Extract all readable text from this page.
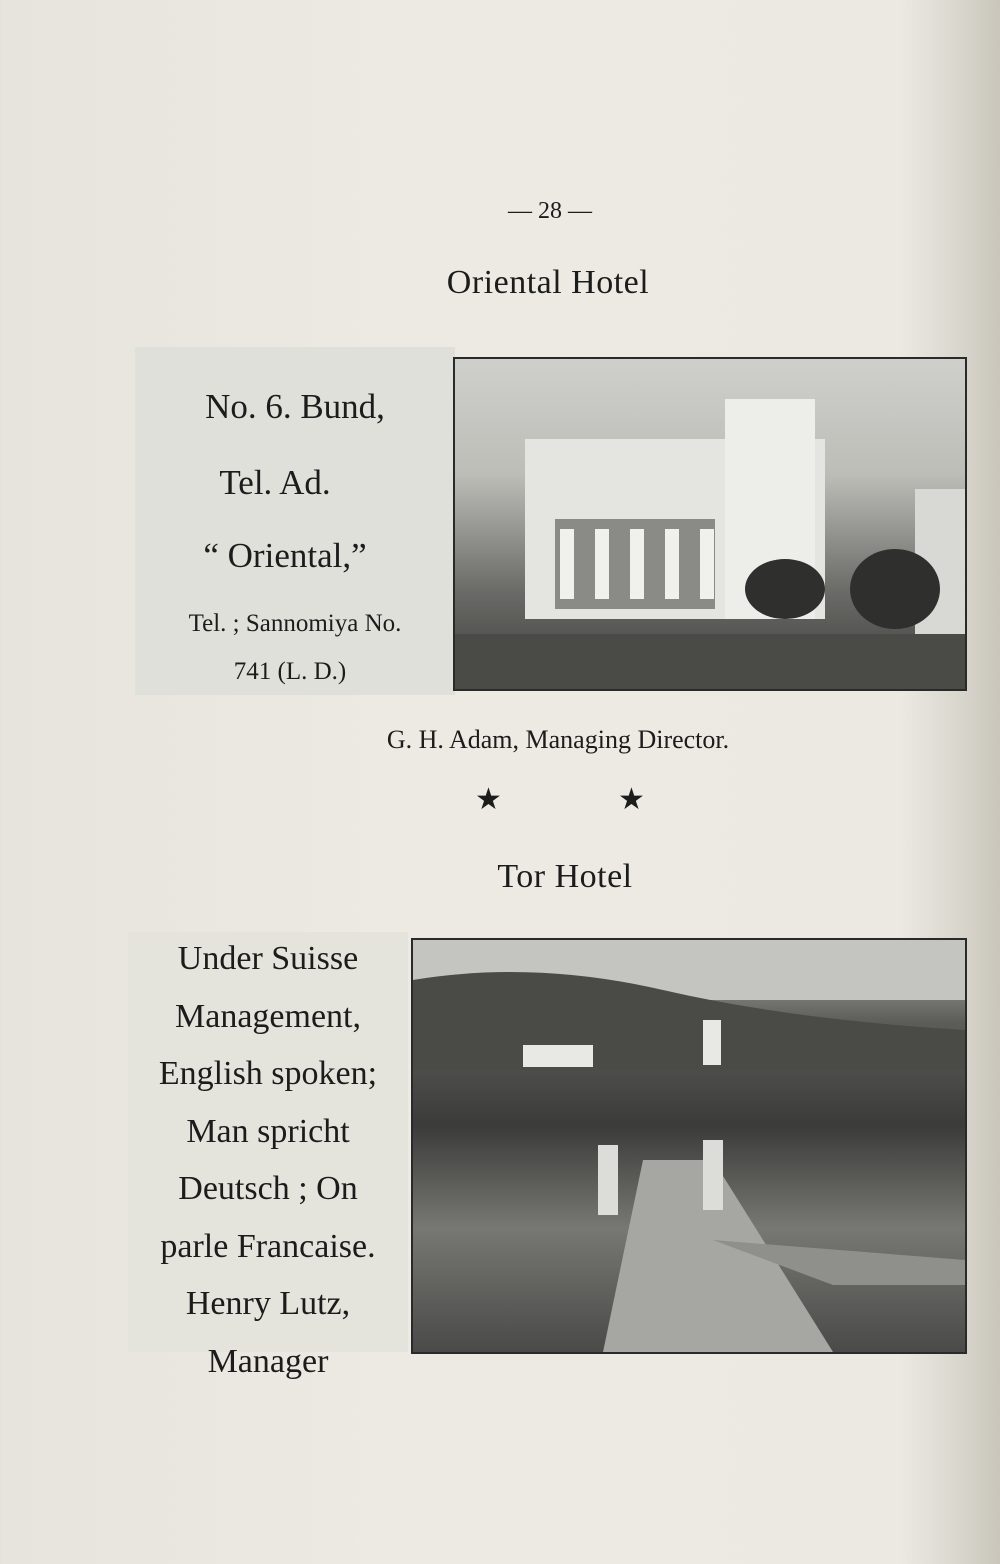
— 28 —
Oriental Hotel
No. 6. Bund,
Tel. Ad.
“ Oriental,”
Tel. ; Sannomiya No.
741 (L. D.)
G. H. Adam, Managing Director.
★	★
Tor Hotel
Under Suisse
Management,
English spoken;
Man spricht
Deutsch ; On
parle Francaise.
Henry Lutz,
Manager
